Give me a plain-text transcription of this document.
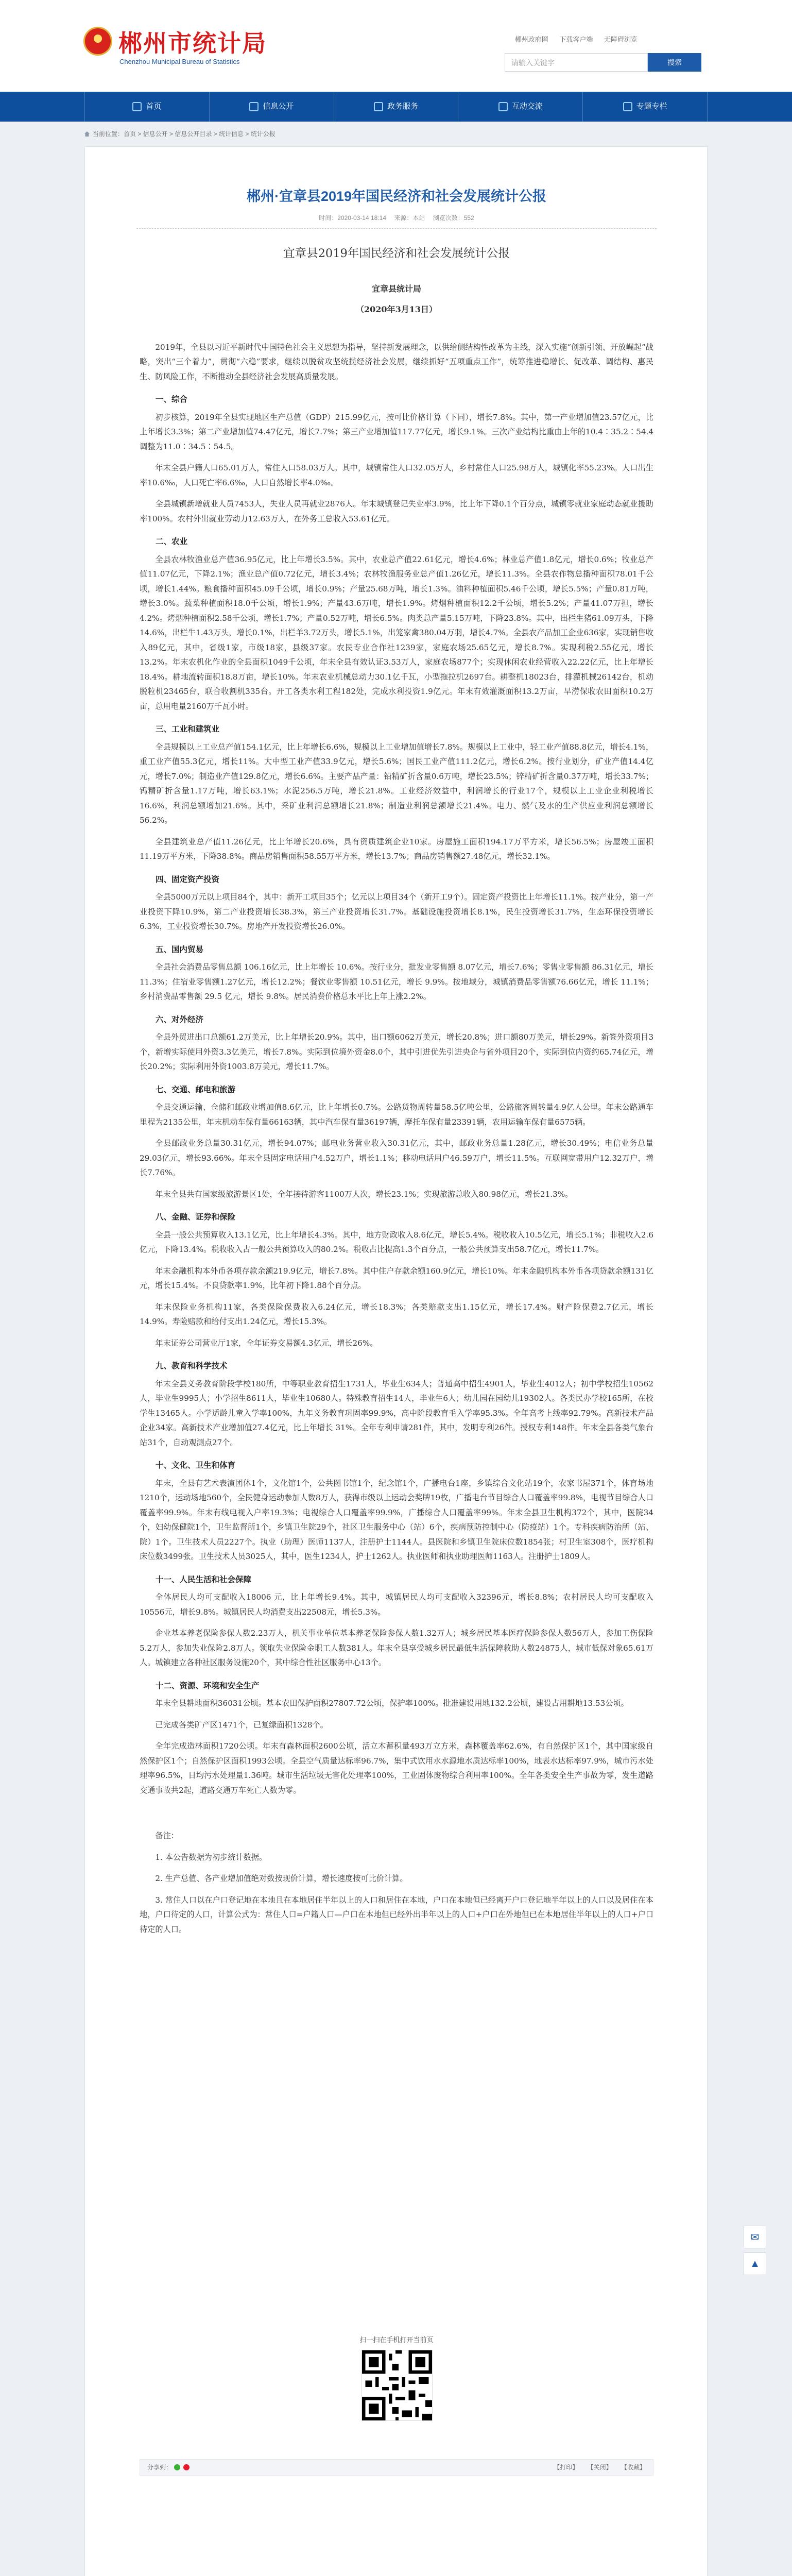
郴州市统计局
Chenzhou Municipal Bureau of Statistics
郴州政府网 下载客户端 无障碍浏览
请输入关键字	搜索
首页	信息公开	政务服务	互动交流	专题专栏
当前位置：首页 > 信息公开 > 信息公开目录 > 统计信息 > 统计公报
郴州·宜章县2019年国民经济和社会发展统计公报
时间：2020-03-14 18:14 来源：本站 浏览次数：552
宜章县2019年国民经济和社会发展统计公报
宜章县统计局
（2020年3月13日）

2019年，全县以习近平新时代中国特色社会主义思想为指导，坚持新发展理念，以供给侧结构性改革为主线，深入实施“创新引领、开放崛起”战略，突出“三个着力”，贯彻“六稳”要求，继续以脱贫攻坚统揽经济社会发展，继续抓好“五项重点工作”，统筹推进稳增长、促改革、调结构、惠民生、防风险工作，不断推动全县经济社会发展高质量发展。

一、综合

初步核算，2019年全县实现地区生产总值（GDP）215.99亿元，按可比价格计算（下同），增长7.8%。其中，第一产业增加值23.57亿元，比上年增长3.3%；第二产业增加值74.47亿元，增长7.7%；第三产业增加值117.77亿元，增长9.1%。三次产业结构比重由上年的10.4∶35.2∶54.4调整为11.0∶34.5∶54.5。

年末全县户籍人口65.01万人，常住人口58.03万人。其中，城镇常住人口32.05万人，乡村常住人口25.98万人，城镇化率55.23%。人口出生率10.6‰，人口死亡率6.6‰，人口自然增长率4.0‰。

全县城镇新增就业人员7453人，失业人员再就业2876人。年末城镇登记失业率3.9%，比上年下降0.1个百分点，城镇零就业家庭动态就业援助率100%。农村外出就业劳动力12.63万人，在外务工总收入53.61亿元。

二、农业

全县农林牧渔业总产值36.95亿元，比上年增长3.5%。其中，农业总产值22.61亿元，增长4.6%；林业总产值1.8亿元，增长0.6%；牧业总产值11.07亿元，下降2.1%；渔业总产值0.72亿元，增长3.4%；农林牧渔服务业总产值1.26亿元，增长11.3%。全县农作物总播种面积78.01千公顷，增长1.44%。粮食播种面积45.09千公顷，增长0.9%；产量25.68万吨，增长1.3%。油料种植面积5.46千公顷，增长5.5%；产量0.81万吨，增长3.0%。蔬菜种植面积18.0千公顷，增长1.9%；产量43.6万吨，增长1.9%。烤烟种植面积12.2千公顷，增长5.2%；产量41.07万担，增长4.2%。烤烟种植面积2.58千公顷，增长1.7%；产量0.52万吨，增长6.5%。肉类总产量5.15万吨，下降23.8%。其中，出栏生猪61.09万头，下降14.6%，出栏牛1.43万头，增长0.1%，出栏羊3.72万头，增长5.1%，出笼家禽380.04万羽，增长4.7%。全县农产品加工企业636家，实现销售收入89亿元，其中，省级1家，市级18家，县级37家。农民专业合作社1239家，家庭农场25.65亿元，增长8.7%。实现利税2.55亿元，增长13.2%。年末农机化作业的全县面积1049千公顷，年末全县有效认证3.53万人，家庭农场877个；实现休闲农业经营收入22.22亿元，比上年增长18.4%。耕地流转面积18.8万亩，增长10%。年末农业机械总动力30.1亿千瓦，小型拖拉机2697台。耕整机18023台，排灌机械26142台，机动脱粒机23465台，联合收割机335台。开工各类水利工程182处，完成水利投资1.9亿元。年末有效灌溉面积13.2万亩，旱涝保收农田面积10.2万亩，总用电量2160万千瓦小时。

三、工业和建筑业

全县规模以上工业总产值154.1亿元，比上年增长6.6%，规模以上工业增加值增长7.8%。规模以上工业中，轻工业产值88.8亿元，增长4.1%，重工业产值55.3亿元，增长11%。大中型工业产值33.9亿元，增长5.6%；国民工业产值111.2亿元，增长6.2%。按行业划分，矿业产值14.4亿元，增长7.0%；制造业产值129.8亿元，增长6.6%。主要产品产量：铅精矿折含量0.6万吨，增长23.5%；锌精矿折含量0.37万吨，增长33.7%；钨精矿折含量1.17万吨，增长63.1%；水泥256.5万吨，增长21.8%。工业经济效益中，利润增长的行业17个，规模以上工业企业利税增长16.6%，利润总额增加21.6%。其中，采矿业利润总额增长21.8%；制造业利润总额增长21.4%。电力、燃气及水的生产供应业利润总额增长56.2%。

全县建筑业总产值11.26亿元，比上年增长20.6%，具有资质建筑企业10家。房屋施工面积194.17万平方米，增长56.5%；房屋竣工面积11.19万平方米，下降38.8%。商品房销售面积58.55万平方米，增长13.7%；商品房销售额27.48亿元，增长32.1%。

四、固定资产投资

全县5000万元以上项目84个，其中：新开工项目35个；亿元以上项目34个（新开工9个）。固定资产投资比上年增长11.1%。按产业分，第一产业投资下降10.9%，第二产业投资增长38.3%，第三产业投资增长31.7%。基础设施投资增长8.1%，民生投资增长31.7%，生态环保投资增长6.3%，工业投资增长30.7%。房地产开发投资增长26.0%。

五、国内贸易

全县社会消费品零售总额 106.16亿元，比上年增长 10.6%。按行业分，批发业零售额 8.07亿元，增长7.6%；零售业零售额 86.31亿元，增长11.3%；住宿业零售额1.27亿元，增长12.2%；餐饮业零售额 10.51亿元，增长 9.9%。按地域分，城镇消费品零售额76.66亿元，增长 11.1%；乡村消费品零售额 29.5 亿元，增长 9.8%。居民消费价格总水平比上年上涨2.2%。

六、对外经济

全县外贸进出口总额61.2万美元，比上年增长20.9%。其中，出口额6062万美元，增长20.8%；进口额80万美元，增长29%。新签外资项目3个，新增实际使用外资3.3亿美元，增长7.8%。实际到位境外资金8.0个，其中引进优先引进央企与省外项目20个，实际到位内资约65.74亿元，增长20.2%；实际利用外资1003.8万美元，增长11.7%。

七、交通、邮电和旅游

全县交通运输、仓储和邮政业增加值8.6亿元，比上年增长0.7%。公路货物周转量58.5亿吨公里，公路旅客周转量4.9亿人公里。年末公路通车里程为2135公里，年末机动车保有量66163辆，其中汽车保有量36197辆，摩托车保有量23391辆，农用运输车保有量6575辆。

全县邮政业务总量30.31亿元，增长94.07%；邮电业务营业收入30.31亿元，其中，邮政业务总量1.28亿元，增长30.49%；电信业务总量29.03亿元，增长93.66%。年末全县固定电话用户4.52万户，增长1.1%；移动电话用户46.59万户，增长11.5%。互联网宽带用户12.32万户，增长7.76%。

年末全县共有国家级旅游景区1处，全年接待游客1100万人次，增长23.1%；实现旅游总收入80.98亿元，增长21.3%。

八、金融、证券和保险

全县一般公共预算收入13.1亿元，比上年增长4.3%。其中，地方财政收入8.6亿元，增长5.4%。税收收入10.5亿元，增长5.1%；非税收入2.6亿元，下降13.4%。税收收入占一般公共预算收入的80.2%。税收占比提高1.3个百分点，一般公共预算支出58.7亿元，增长11.7%。

年末金融机构本外币各项存款余额219.9亿元，增长7.8%。其中住户存款余额160.9亿元，增长10%。年末金融机构本外币各项贷款余额131亿元，增长15.4%。不良贷款率1.9%，比年初下降1.88个百分点。

年末保险业务机构11家，各类保险保费收入6.24亿元，增长18.3%；各类赔款支出1.15亿元，增长17.4%。财产险保费2.7亿元，增长14.9%。寿险赔款和给付支出1.24亿元，增长15.3%。

年末证券公司营业厅1家，全年证券交易额4.3亿元，增长26%。

九、教育和科学技术

年末全县义务教育阶段学校180所，中等职业教育招生1731人，毕业生634人；普通高中招生4901人，毕业生4012人；初中学校招生10562人，毕业生9995人；小学招生8611人，毕业生10680人。特殊教育招生14人，毕业生6人；幼儿园在园幼儿19302人。各类民办学校165所，在校学生13465人。小学适龄儿童入学率100%，九年义务教育巩固率99.9%，高中阶段教育毛入学率95.3%。全年高考上线率92.79%。高新技术产品企业34家。高新技术产业增加值27.4亿元，比上年增长 31%。全年专利申请281件，其中，发明专利26件。授权专利148件。年末全县各类气象台站31个，自动观测点27个。

十、文化、卫生和体育

年末，全县有艺术表演团体1个，文化馆1个，公共图书馆1个，纪念馆1个，广播电台1座，乡镇综合文化站19个，农家书屋371个，体育场地1210个，运动场地560个，全民健身运动参加人数8万人，获得市级以上运动会奖牌19枚，广播电台节目综合人口覆盖率99.8%，电视节目综合人口覆盖率99.9%。年末有线电视入户率19.3%；电视综合人口覆盖率99.9%，广播综合人口覆盖率99%。年末全县卫生机构372个，其中，医院34个，妇幼保健院1个，卫生监督所1个，乡镇卫生院29个，社区卫生服务中心（站）6个，疾病预防控制中心（防疫站）1个。专科疾病防治所（站、院）1个。卫生技术人员2227个。执业（助理）医师1137人，注册护士1144人。县医院和乡镇卫生院床位数1854张；村卫生室308个，医疗机构床位数3499张。卫生技术人员3025人，其中，医生1234人，护士1262人。执业医师和执业助理医师1163人。注册护士1809人。

十一、人民生活和社会保障

全体居民人均可支配收入18006 元，比上年增长9.4%。其中，城镇居民人均可支配收入32396元，增长8.8%；农村居民人均可支配收入10556元，增长9.8%。城镇居民人均消费支出22508元，增长5.3%。

企业基本养老保险参保人数2.23万人，机关事业单位基本养老保险参保人数1.32万人；城乡居民基本医疗保险参保人数56万人，参加工伤保险5.2万人，参加失业保险2.8万人。领取失业保险金职工人数381人。年末全县享受城乡居民最低生活保障救助人数24875人，城市低保对象65.61万人。城镇建立各种社区服务设施20个，其中综合性社区服务中心13个。

十二、资源、环境和安全生产

年末全县耕地面积36031公顷。基本农田保护面积27807.72公顷，保护率100%。批准建设用地132.2公顷，建设占用耕地13.53公顷。

已完成各类矿产区1471个，已复绿面积1328个。

全年完成造林面积1720公顷。年末有森林面积2600公顷，活立木蓄积量493万立方米，森林覆盖率62.6%，有自然保护区1个，其中国家级自然保护区1个；自然保护区面积1993公顷。全县空气质量达标率96.7%，集中式饮用水水源地水质达标率100%，地表水达标率97.9%，城市污水处理率96.5%，日均污水处理量1.36吨。城市生活垃圾无害化处理率100%，工业固体废物综合利用率100%。全年各类安全生产事故为零，发生道路交通事故共2起，道路交通万车死亡人数为零。

备注：

1. 本公告数据为初步统计数据。

2. 生产总值、各产业增加值绝对数按现价计算，增长速度按可比价计算。

3. 常住人口以在户口登记地在本地且在本地居住半年以上的人口和居住在本地，户口在本地但已经离开户口登记地半年以上的人口以及居住在本地，户口待定的人口，计算公式为：常住人口=户籍人口—户口在本地但已经外出半年以上的人口+户口在外地但已在本地居住半年以上的人口+户口待定的人口。

扫一扫在手机打开当前页
分享到：	【打印】 【关闭】 【收藏】
✉
▲
